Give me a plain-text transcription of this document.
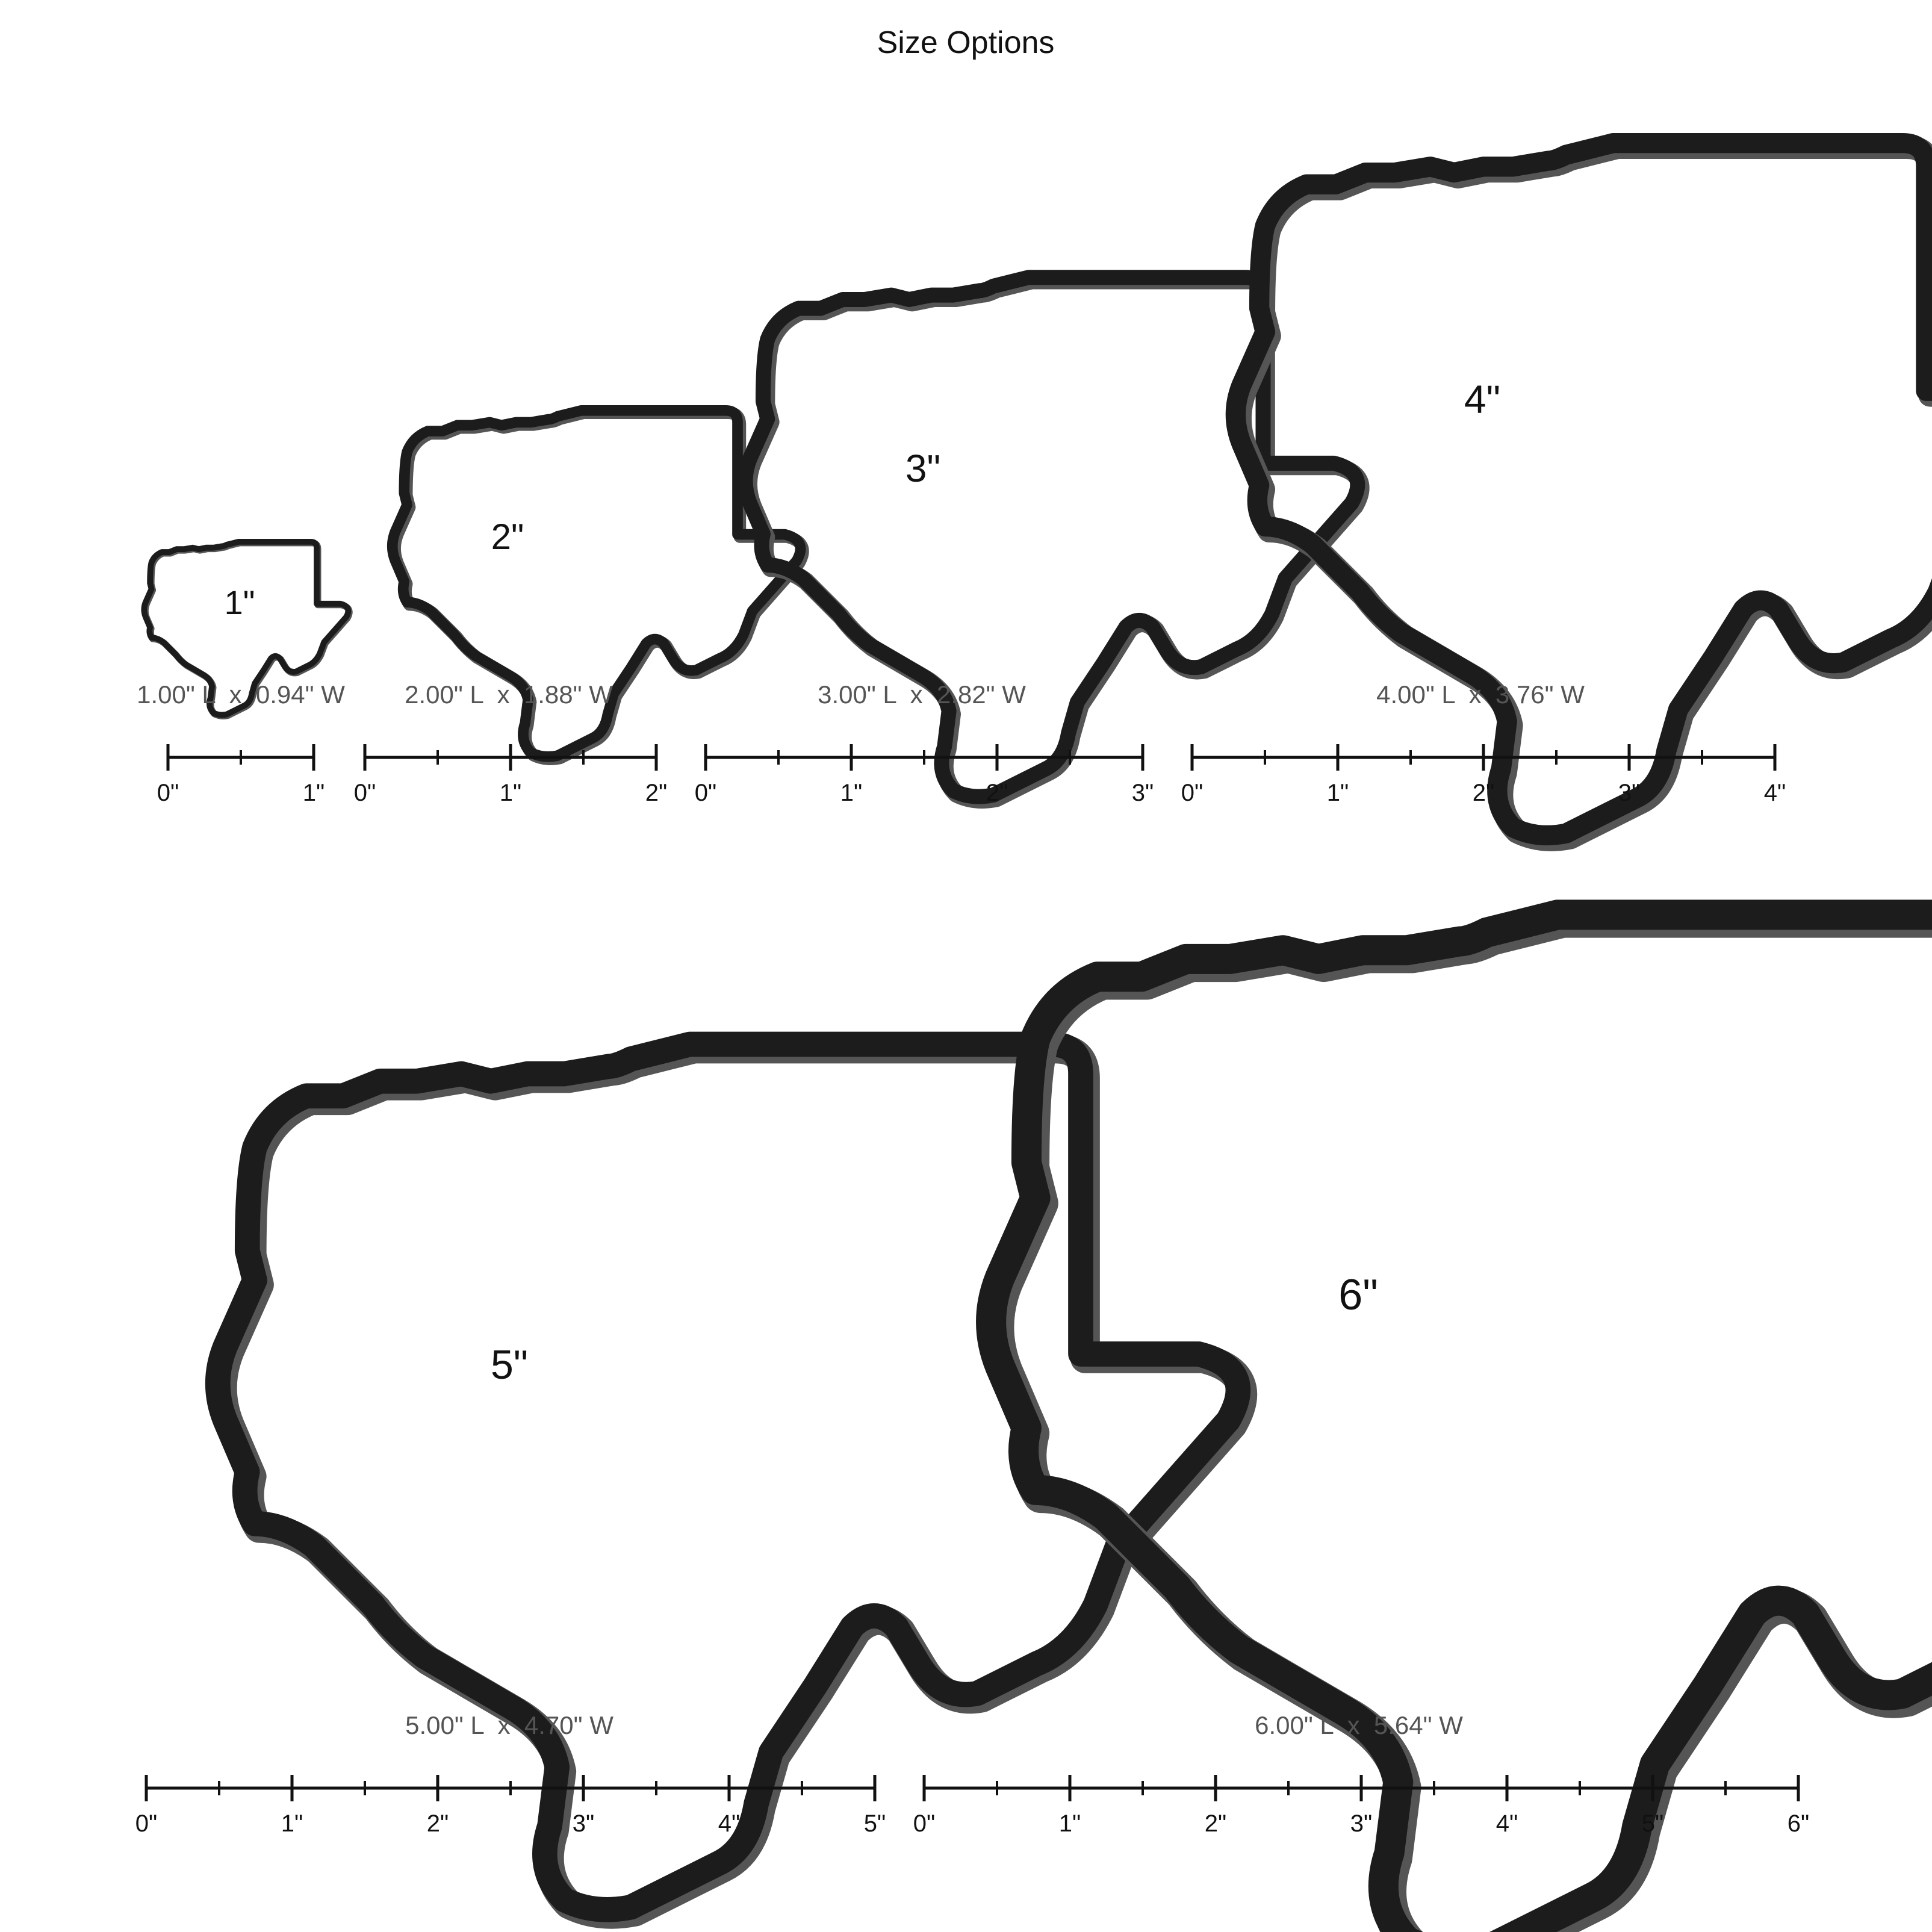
Size Options
1"
1.00" L  x  0.94" W
0"	1"
2"
2.00" L  x  1.88" W
0"	1"	2"
3"
3.00" L  x  2.82" W
0"	1"	2"	3"
4"
4.00" L  x  3.76" W
0"	1"	2"	3"	4"
5"
5.00" L  x  4.70" W
0"	1"	2"	3"	4"	5"
6"
6.00" L  x  5.64" W
0"	1"	2"	3"	4"	5"	6"
